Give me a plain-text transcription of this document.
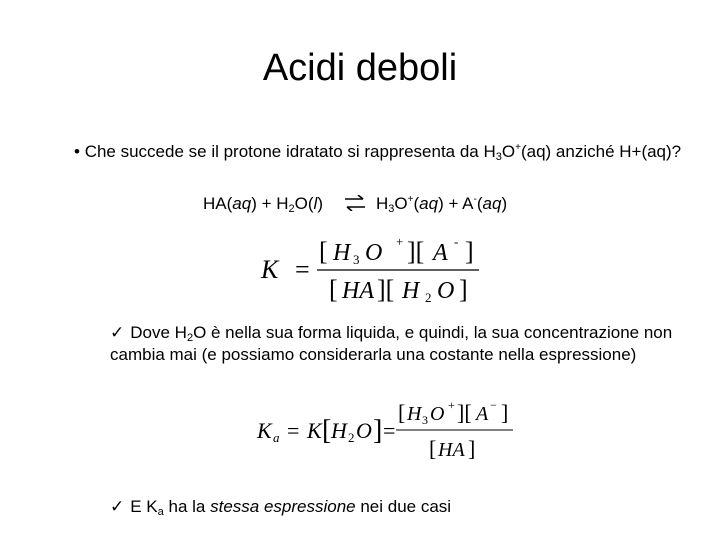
Acidi deboli
• Che succede se il protone idratato si rappresenta da $H_3O^+(aq)$ anziché H+(aq)?
$HA(aq) + H_2O(l)$ ⇌ $H_3O^+(aq) + A^-(aq)$
K =
[ H 3 O + ][ A - ]
[ HA ][ H 2 O ]
✓ Dove $H_2O$ è nella sua forma liquida, e quindi, la sua concentrazione non cambia mai (e possiamo considerarla una costante nella espressione)
K a = K [ H 2 O ] =
[ H 3 O + ][ A − ]
[ HA ]
✓ E $K_a$ ha la stessa espressione nei due casi
